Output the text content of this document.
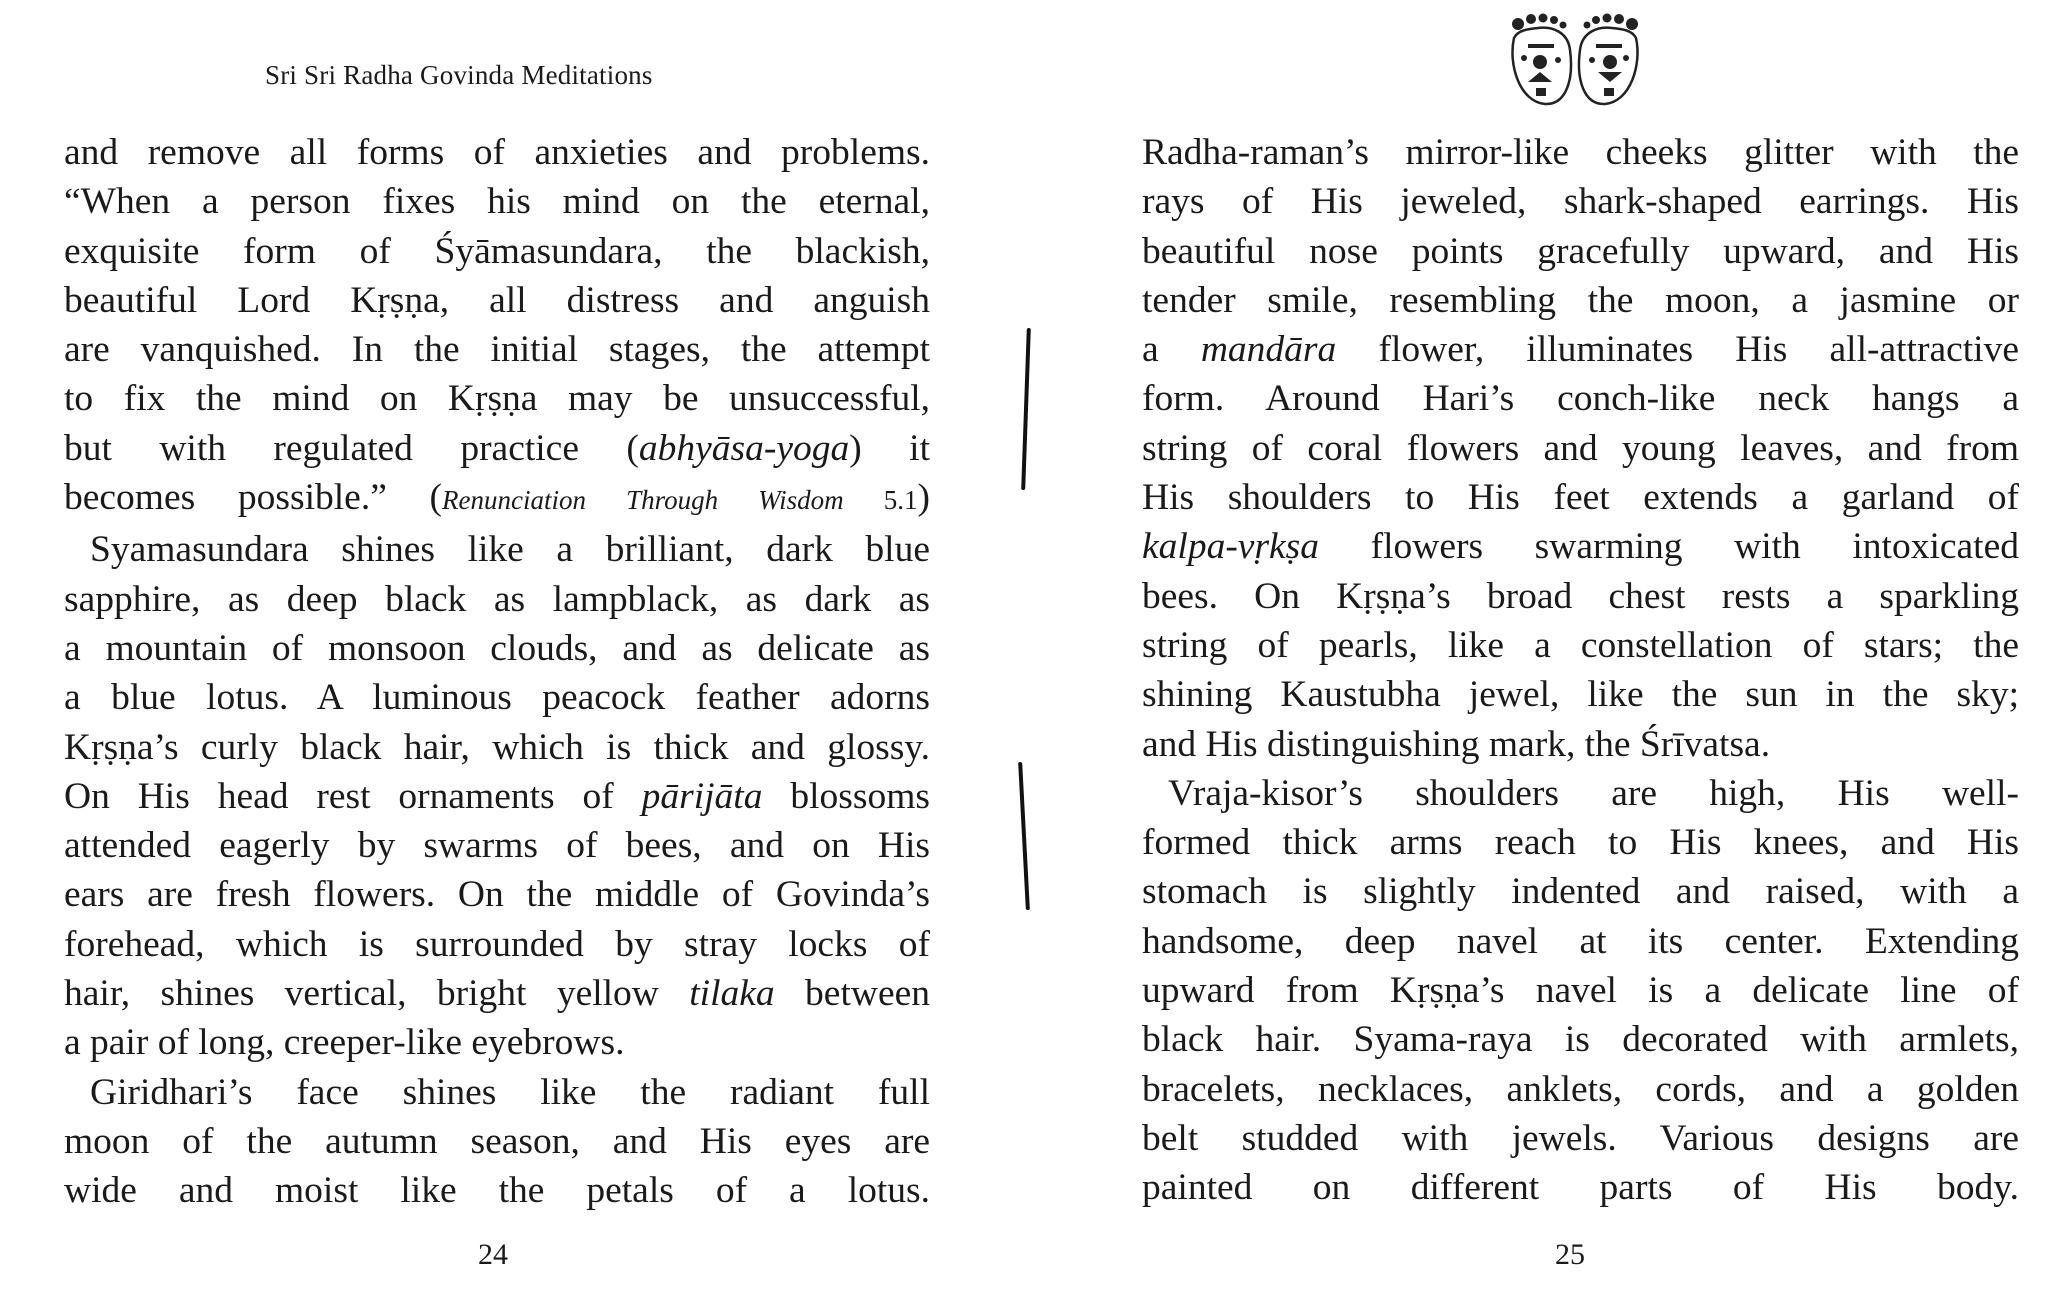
Sri Sri Radha Govinda Meditations

and remove all forms of anxieties and problems.

“When a person fixes his mind on the eternal,

exquisite form of Śyāmasundara, the blackish,

beautiful Lord Kṛṣṇa, all distress and anguish

are vanquished. In the initial stages, the attempt

to fix the mind on Kṛṣṇa may be unsuccessful,

but with regulated practice (abhyāsa-yoga) it

becomes possible.” (Renunciation Through Wisdom 5.1)

Syamasundara shines like a brilliant, dark blue

sapphire, as deep black as lampblack, as dark as

a mountain of monsoon clouds, and as delicate as

a blue lotus. A luminous peacock feather adorns

Kṛṣṇa’s curly black hair, which is thick and glossy.

On His head rest ornaments of pārijāta blossoms

attended eagerly by swarms of bees, and on His

ears are fresh flowers. On the middle of Govinda’s

forehead, which is surrounded by stray locks of

hair, shines vertical, bright yellow tilaka between

a pair of long, creeper-like eyebrows.

Giridhari’s face shines like the radiant full

moon of the autumn season, and His eyes are

wide and moist like the petals of a lotus.

24

Radha-raman’s mirror-like cheeks glitter with the

rays of His jeweled, shark-shaped earrings. His

beautiful nose points gracefully upward, and His

tender smile, resembling the moon, a jasmine or

a mandāra flower, illuminates His all-attractive

form. Around Hari’s conch-like neck hangs a

string of coral flowers and young leaves, and from

His shoulders to His feet extends a garland of

kalpa-vṛkṣa flowers swarming with intoxicated

bees. On Kṛṣṇa’s broad chest rests a sparkling

string of pearls, like a constellation of stars; the

shining Kaustubha jewel, like the sun in the sky;

and His distinguishing mark, the Śrīvatsa.

Vraja-kisor’s shoulders are high, His well-

formed thick arms reach to His knees, and His

stomach is slightly indented and raised, with a

handsome, deep navel at its center. Extending

upward from Kṛṣṇa’s navel is a delicate line of

black hair. Syama-raya is decorated with armlets,

bracelets, necklaces, anklets, cords, and a golden

belt studded with jewels. Various designs are

painted on different parts of His body.

25
